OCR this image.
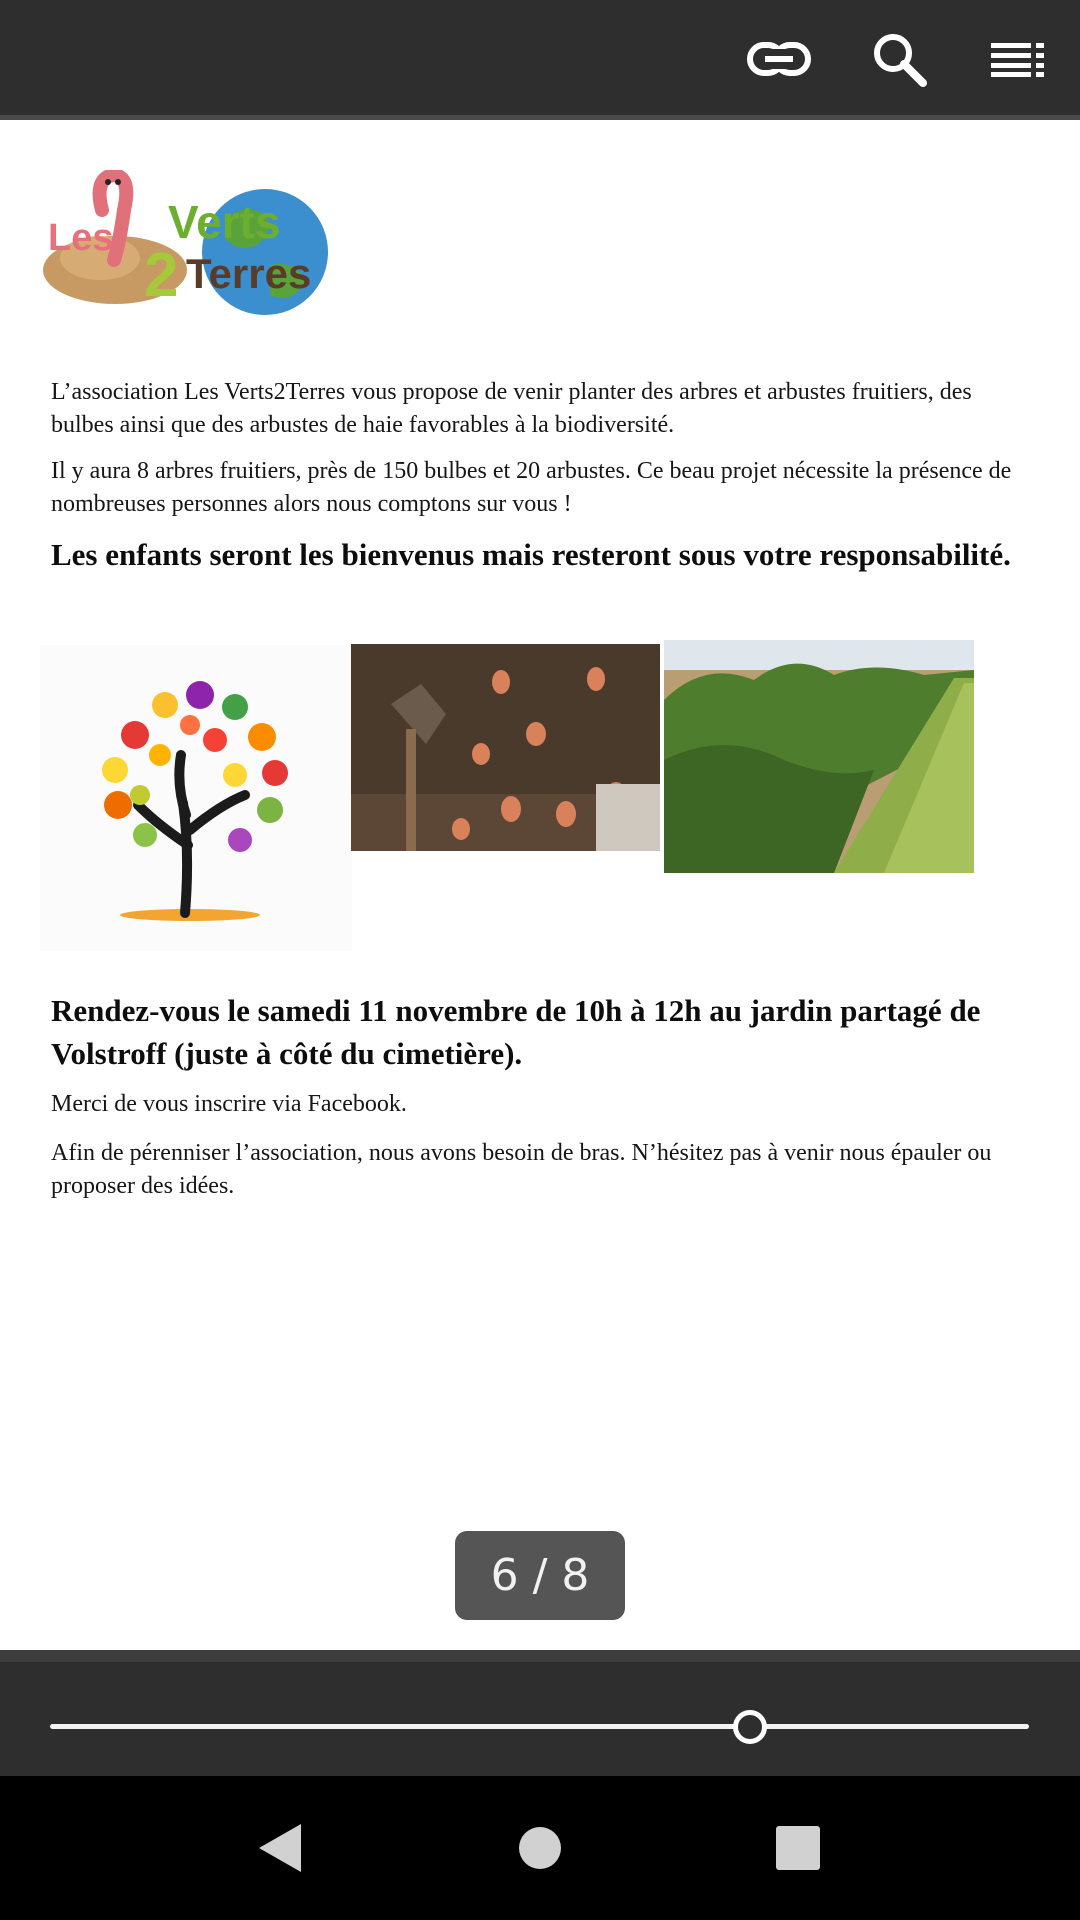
Les Verts
2 Terres

L’association Les Verts2Terres vous propose de venir planter des arbres et arbustes fruitiers, des bulbes ainsi que des arbustes de haie favorables à la biodiversité.

Il y aura 8 arbres fruitiers, près de 150 bulbes et 20 arbustes. Ce beau projet nécessite la présence de nombreuses personnes alors nous comptons sur vous !

Les enfants seront les bienvenus mais resteront sous votre responsabilité.
Rendez-vous le samedi 11 novembre de 10h à 12h au jardin partagé de Volstroff (juste à côté du cimetière).

Merci de vous inscrire via Facebook.

Afin de pérenniser l’association, nous avons besoin de bras. N’hésitez pas à venir nous épauler ou proposer des idées.

6 / 8
